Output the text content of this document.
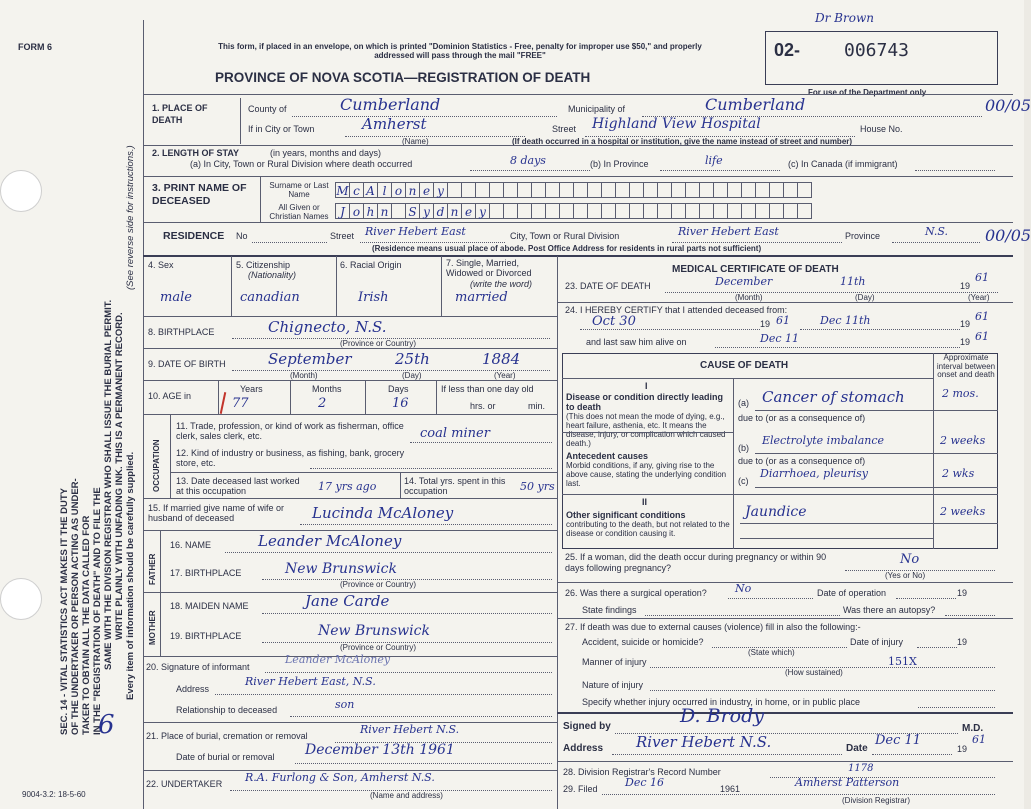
SEC. 14 - VITAL STATISTICS ACT MAKES IT THE DUTY OF THE UNDERTAKER OR PERSON ACTING AS UNDER- TAKER TO OBTAIN ALL THE DATA CALLED FOR IN THE "REGISTRATION OF DEATH" AND TO FILE THE SAME WITH THE DIVISION REGISTRAR WHO SHALL ISSUE THE BURIAL PERMIT. WRITE PLAINLY WITH UNFADING INK. THIS IS A PERMANENT RECORD. Every item of information should be carefully supplied.
(See reverse side for instructions.)
6
9004-3.2: 18-5-60
FORM 6	This form, if placed in an envelope, on which is printed "Dominion Statistics - Free, penalty for improper use $50," and properly addressed will pass through the mail "FREE"
PROVINCE OF NOVA SCOTIA—REGISTRATION OF DEATH
02- 006743
Dr Brown
For use of the Department only
00/05
00/05
1. PLACE OF DEATH
County of	Cumberland	Municipality of	Cumberland
If in City or Town	Amherst
(Name)
Street Highland View Hospital	House No.
(If death occurred in a hospital or institution, give the name instead of street and number)
2. LENGTH OF STAY	(in years, months and days)
(a) In City, Town or Rural Division where death occurred	8 days	(b) In Province	life	(c) In Canada (if immigrant)
3. PRINT NAME OF DECEASED
Surname or Last Name
All Given or Christian Names
M c A l o n e y
J o h n	S y d n e y
RESIDENCE No	Street River Hebert East	City, Town or Rural Division	River Hebert East	Province	N.S.
(Residence means usual place of abode. Post Office Address for residents in rural parts not sufficient)
4. Sex
male
5. Citizenship
(Nationality)
canadian
6. Racial Origin
Irish
7. Single, Married, Widowed or Divorced
(write the word)
married
8. BIRTHPLACE	Chignecto, N.S.
(Province or Country)
9. DATE OF BIRTH	September	25th	1884
(Month)	(Day)	(Year)
10. AGE in
Years
77
Months
2
Days
16
If less than one day old
hrs. or	min.
OCCUPATION
11. Trade, profession, or kind of work as fisherman, office clerk, sales clerk, etc.	coal miner
12. Kind of industry or business, as fishing, bank, grocery store, etc.
13. Date deceased last worked at this occupation	17 yrs ago	14. Total yrs. spent in this occupation	50 yrs
15. If married give name of wife or husband of deceased	Lucinda McAloney
FATHER
16. NAME	Leander McAloney
17. BIRTHPLACE	New Brunswick
(Province or Country)
MOTHER
18. MAIDEN NAME	Jane Carde
19. BIRTHPLACE	New Brunswick
(Province or Country)
20. Signature of informant
Leander McAloney
Address
River Hebert East, N.S.
Relationship to deceased	son
21. Place of burial, cremation or removal	River Hebert N.S.
Date of burial or removal December 13th 1961
22. UNDERTAKER R.A. Furlong & Son, Amherst N.S.
(Name and address)
MEDICAL CERTIFICATE OF DEATH
23. DATE OF DEATH	December	11th	19
61
(Month)	(Day)	(Year)
24. I HEREBY CERTIFY that I attended deceased from:
Oct 30	19 61	Dec 11th	19
61
and last saw him alive on	Dec 11	19 61
CAUSE OF DEATH
Approximate interval between onset and death
I
Disease or condition directly leading to death
(This does not mean the mode of dying, e.g., heart failure, asthenia, etc. It means the disease, injury, or complication which caused death.)
(a) Cancer of stomach	2 mos.
due to (or as a consequence of)
Antecedent causes
Morbid conditions, if any, giving rise to the above cause, stating the underlying condition last.
(b)
Electrolyte imbalance	2 weeks
due to (or as a consequence of)
(c)
Diarrhoea, pleurisy	2 wks
II
Other significant conditions
contributing to the death, but not related to the disease or condition causing it.
Jaundice	2 weeks
25. If a woman, did the death occur during pregnancy or within 90 days following pregnancy?
No
(Yes or No)
26. Was there a surgical operation?	No	Date of operation	19
State findings	Was there an autopsy?
27. If death was due to external causes (violence) fill in also the following:-
Accident, suicide or homicide?	Date of injury	19
(State which)
Manner of injury	151X
(How sustained)
Nature of injury
Specify whether injury occurred in industry, in home, or in public place
Signed by	D. Brody
M.D.
Address River Hebert N.S.	Date
Dec 11
19
61
28. Division Registrar's Record Number	1178
29. Filed Dec 16	1961	Amherst Patterson
(Division Registrar)
